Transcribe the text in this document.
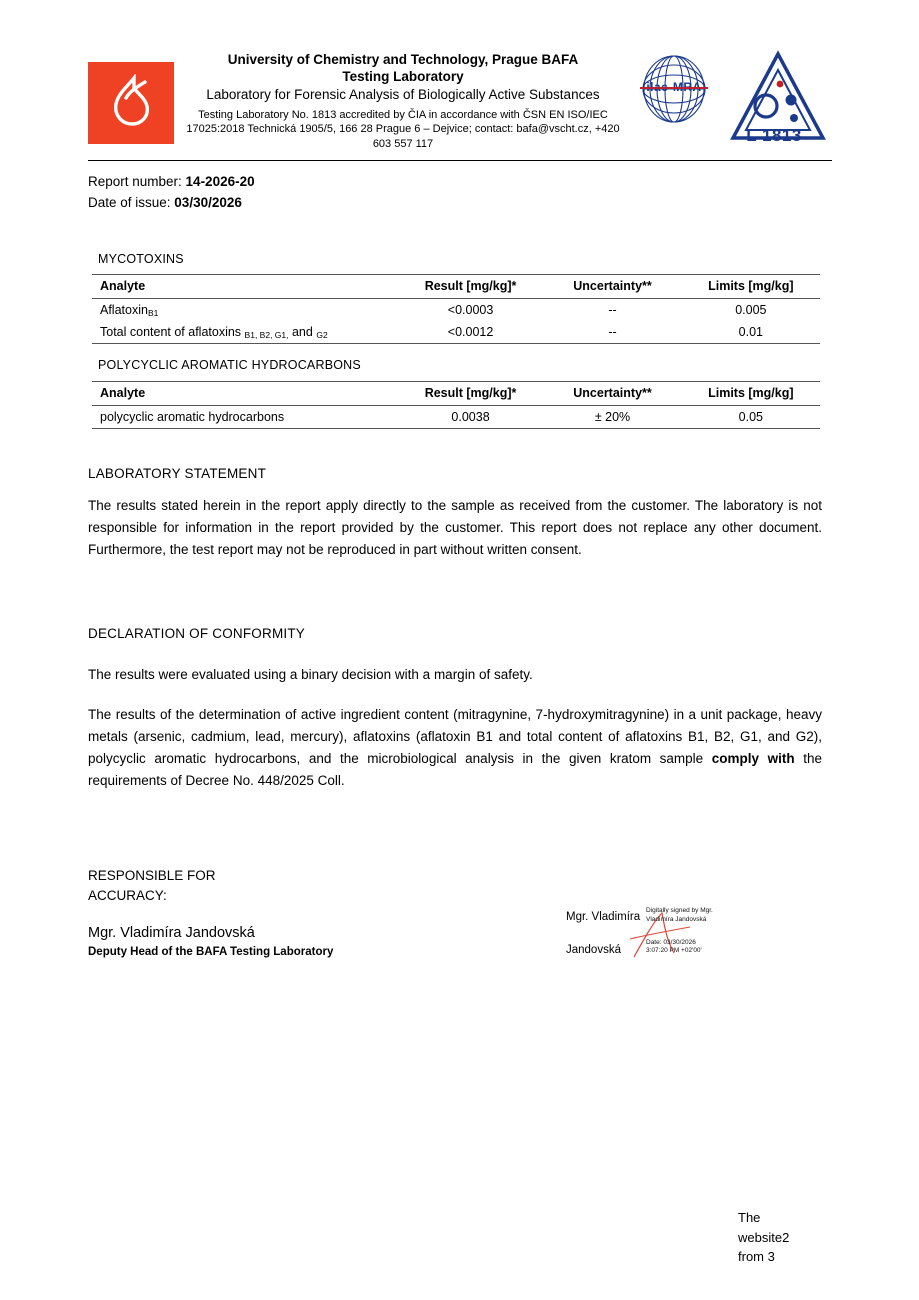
University of Chemistry and Technology, Prague BAFA
Testing Laboratory
Laboratory for Forensic Analysis of Biologically Active Substances
Testing Laboratory No. 1813 accredited by ČIA in accordance with ČSN EN ISO/IEC 17025:2018 Technická 1905/5, 166 28 Prague 6 – Dejvice; contact: bafa@vscht.cz, +420 603 557 117	L 1813
Report number: 14-2026-20
Date of issue: 03/30/2026
MYCOTOXINS
Analyte	Result [mg/kg]*	Uncertainty**	Limits [mg/kg]
Aflatoxin$_{B1}$	<0.0003	--	0.005
Total content of aflatoxins $_{B1, B2, G1,}$ and $_{G2}$	<0.0012	--	0.01
POLYCYCLIC AROMATIC HYDROCARBONS
Analyte	Result [mg/kg]*	Uncertainty**	Limits [mg/kg]
polycyclic aromatic hydrocarbons	0.0038	± 20%	0.05
LABORATORY STATEMENT
The results stated herein in the report apply directly to the sample as received from the customer. The laboratory is not responsible for information in the report provided by the customer. This report does not replace any other document. Furthermore, the test report may not be reproduced in part without written consent.
DECLARATION OF CONFORMITY
The results were evaluated using a binary decision with a margin of safety.
The results of the determination of active ingredient content (mitragynine, 7-hydroxymitragynine) in a unit package, heavy metals (arsenic, cadmium, lead, mercury), aflatoxins (aflatoxin B1 and total content of aflatoxins B1, B2, G1, and G2), polycyclic aromatic hydrocarbons, and the microbiological analysis in the given kratom sample comply with the requirements of Decree No. 448/2025 Coll.
RESPONSIBLE FOR
ACCURACY:
Mgr. Vladimíra Jandovská
Deputy Head of the BAFA Testing Laboratory
Mgr. Vladimíra
Jandovská
Digitally signed by Mgr.
Vladimíra Jandovská
Date: 03/30/2026
3:07:20 PM +02'00'
The
website2
from 3
